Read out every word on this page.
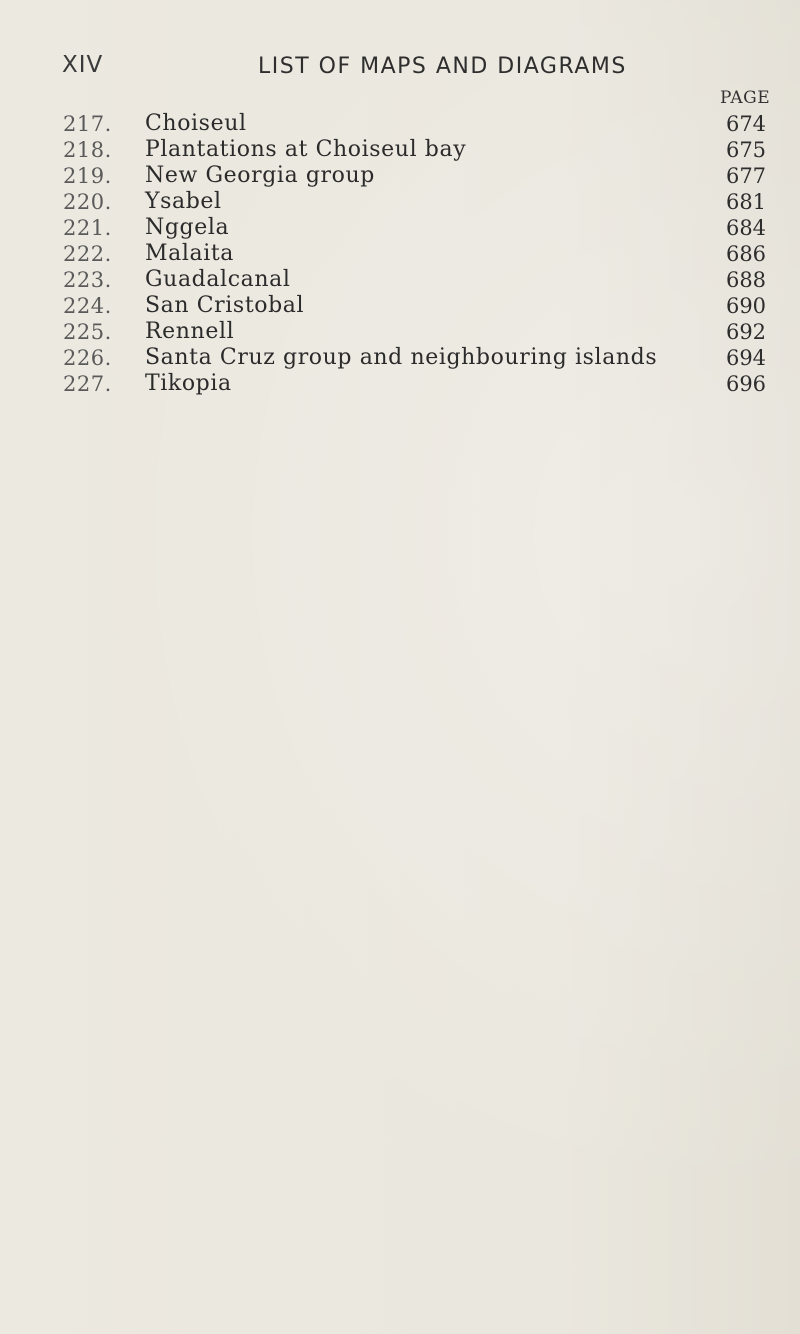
XIV	LIST OF MAPS AND DIAGRAMS
PAGE
217. Choiseul	674
218. Plantations at Choiseul bay	675
219. New Georgia group	677
220. Ysabel	681
221. Nggela	684
222. Malaita	686
223. Guadalcanal	688
224. San Cristobal	690
225. Rennell	692
226. Santa Cruz group and neighbouring islands	694
227. Tikopia	696
